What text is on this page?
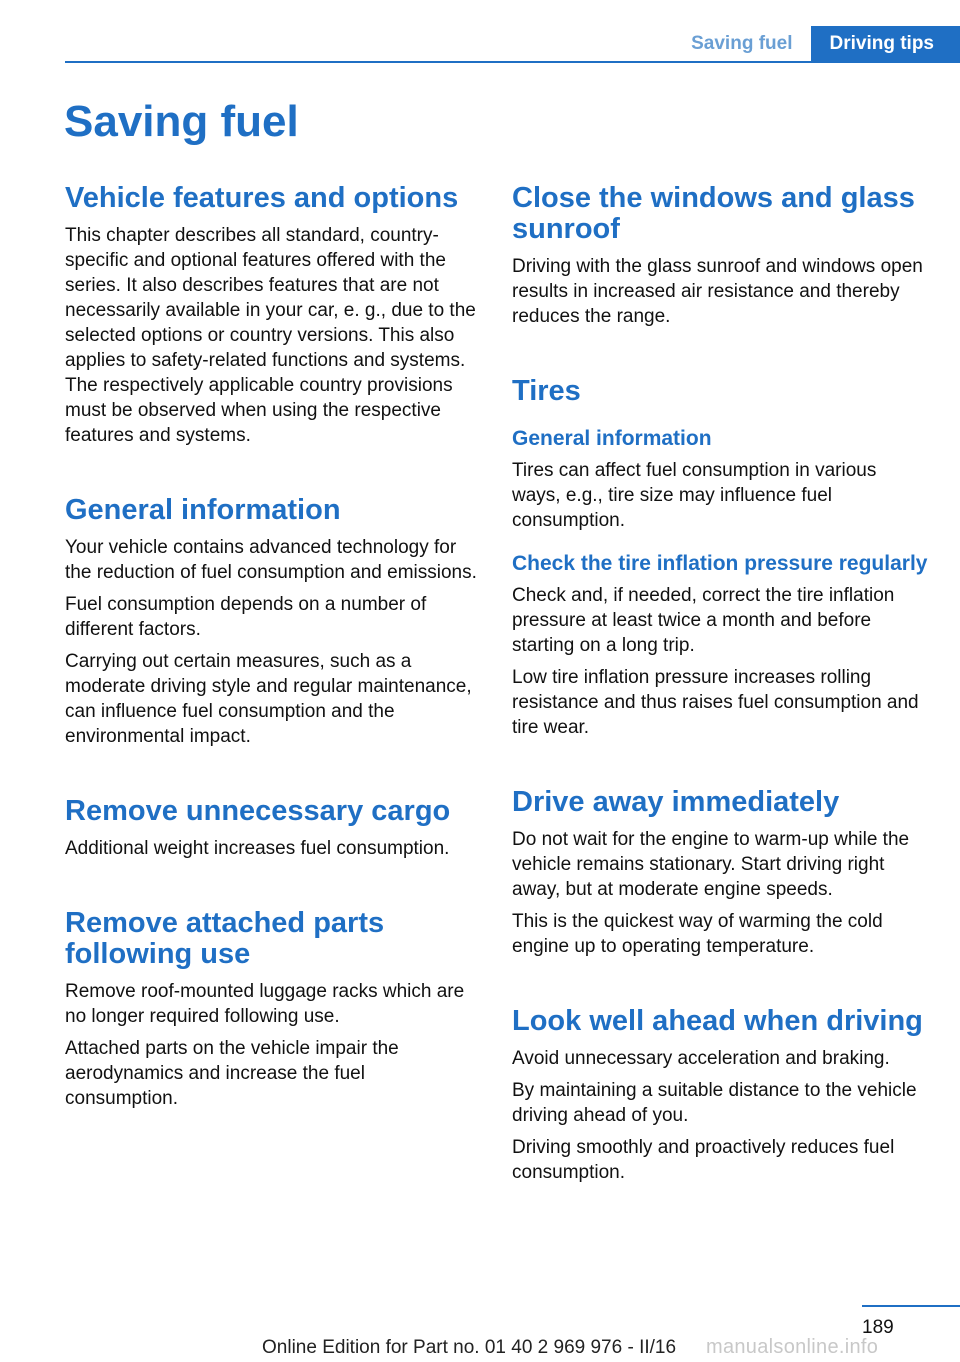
Saving fuel	Driving tips
Saving fuel
Vehicle features and options

This chapter describes all standard, country-specific and optional features offered with the series. It also describes features that are not necessarily available in your car, e. g., due to the selected options or country versions. This also applies to safety-related functions and systems. The respectively applicable country provisions must be observed when using the respective features and systems.

General information

Your vehicle contains advanced technology for the reduction of fuel consumption and emissions.

Fuel consumption depends on a number of different factors.

Carrying out certain measures, such as a moderate driving style and regular maintenance, can influence fuel consumption and the environmental impact.

Remove unnecessary cargo

Additional weight increases fuel consumption.

Remove attached parts following use

Remove roof-mounted luggage racks which are no longer required following use.

Attached parts on the vehicle impair the aerodynamics and increase the fuel consumption.

Close the windows and glass sunroof

Driving with the glass sunroof and windows open results in increased air resistance and thereby reduces the range.

Tires
General information

Tires can affect fuel consumption in various ways, e.g., tire size may influence fuel consumption.

Check the tire inflation pressure regularly

Check and, if needed, correct the tire inflation pressure at least twice a month and before starting on a long trip.

Low tire inflation pressure increases rolling resistance and thus raises fuel consumption and tire wear.

Drive away immediately

Do not wait for the engine to warm-up while the vehicle remains stationary. Start driving right away, but at moderate engine speeds.

This is the quickest way of warming the cold engine up to operating temperature.

Look well ahead when driving

Avoid unnecessary acceleration and braking.

By maintaining a suitable distance to the vehicle driving ahead of you.

Driving smoothly and proactively reduces fuel consumption.

189
Online Edition for Part no. 01 40 2 969 976 - II/16 manualsonline.info
